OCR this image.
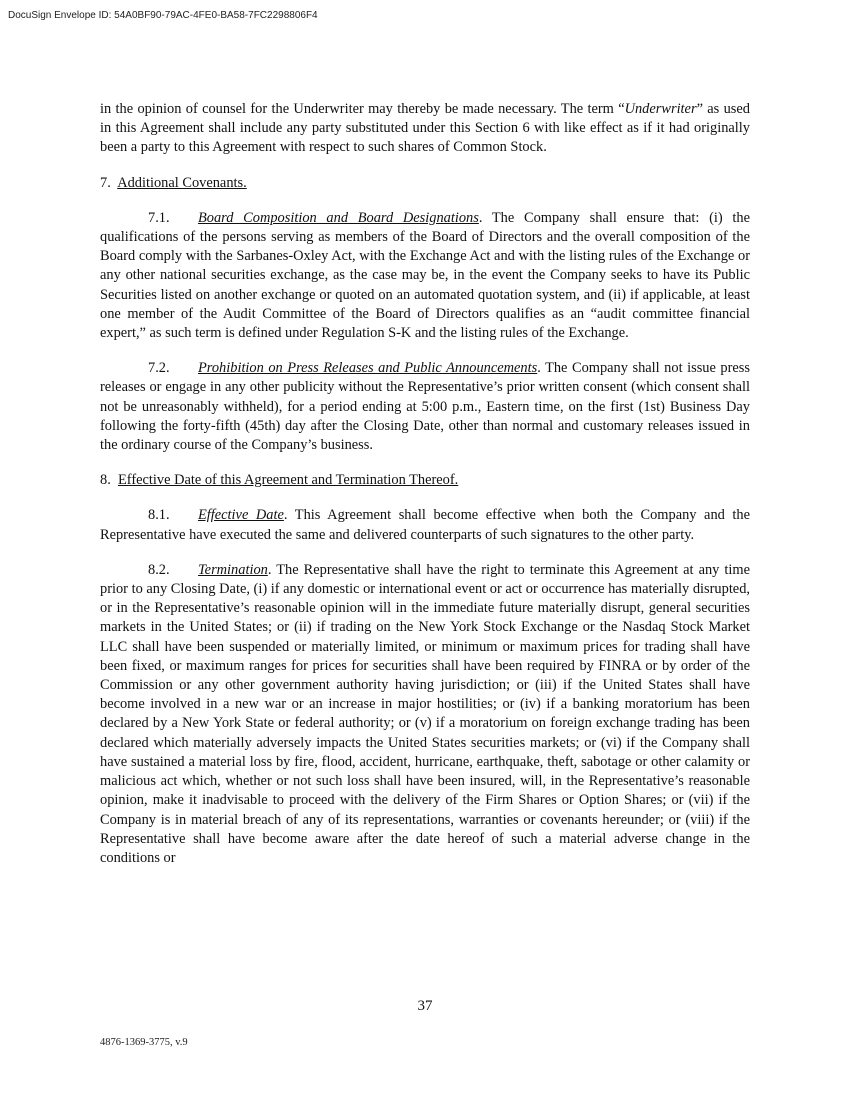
DocuSign Envelope ID: 54A0BF90-79AC-4FE0-BA58-7FC2298806F4

in the opinion of counsel for the Underwriter may thereby be made necessary. The term “Underwriter” as used in this Agreement shall include any party substituted under this Section 6 with like effect as if it had originally been a party to this Agreement with respect to such shares of Common Stock.

7. Additional Covenants.

7.1. Board Composition and Board Designations. The Company shall ensure that: (i) the qualifications of the persons serving as members of the Board of Directors and the overall composition of the Board comply with the Sarbanes-Oxley Act, with the Exchange Act and with the listing rules of the Exchange or any other national securities exchange, as the case may be, in the event the Company seeks to have its Public Securities listed on another exchange or quoted on an automated quotation system, and (ii) if applicable, at least one member of the Audit Committee of the Board of Directors qualifies as an “audit committee financial expert,” as such term is defined under Regulation S-K and the listing rules of the Exchange.

7.2. Prohibition on Press Releases and Public Announcements. The Company shall not issue press releases or engage in any other publicity without the Representative’s prior written consent (which consent shall not be unreasonably withheld), for a period ending at 5:00 p.m., Eastern time, on the first (1st) Business Day following the forty-fifth (45th) day after the Closing Date, other than normal and customary releases issued in the ordinary course of the Company’s business.

8. Effective Date of this Agreement and Termination Thereof.

8.1. Effective Date. This Agreement shall become effective when both the Company and the Representative have executed the same and delivered counterparts of such signatures to the other party.

8.2. Termination. The Representative shall have the right to terminate this Agreement at any time prior to any Closing Date, (i) if any domestic or international event or act or occurrence has materially disrupted, or in the Representative’s reasonable opinion will in the immediate future materially disrupt, general securities markets in the United States; or (ii) if trading on the New York Stock Exchange or the Nasdaq Stock Market LLC shall have been suspended or materially limited, or minimum or maximum prices for trading shall have been fixed, or maximum ranges for prices for securities shall have been required by FINRA or by order of the Commission or any other government authority having jurisdiction; or (iii) if the United States shall have become involved in a new war or an increase in major hostilities; or (iv) if a banking moratorium has been declared by a New York State or federal authority; or (v) if a moratorium on foreign exchange trading has been declared which materially adversely impacts the United States securities markets; or (vi) if the Company shall have sustained a material loss by fire, flood, accident, hurricane, earthquake, theft, sabotage or other calamity or malicious act which, whether or not such loss shall have been insured, will, in the Representative’s reasonable opinion, make it inadvisable to proceed with the delivery of the Firm Shares or Option Shares; or (vii) if the Company is in material breach of any of its representations, warranties or covenants hereunder; or (viii) if the Representative shall have become aware after the date hereof of such a material adverse change in the conditions or

37
4876-1369-3775, v.9
